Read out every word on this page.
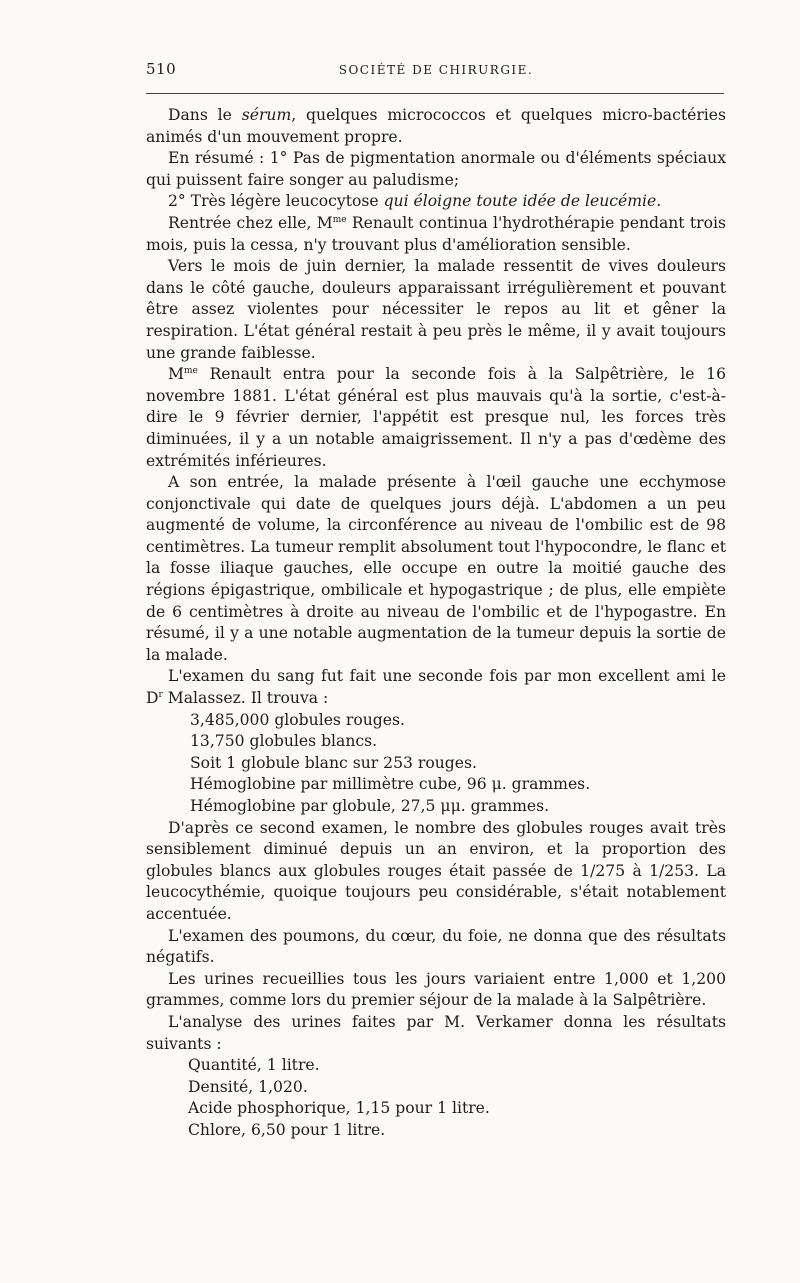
510	SOCIÉTÉ DE CHIRURGIE.

Dans le sérum, quelques micrococcos et quelques micro-bactéries animés d'un mouvement propre.

En résumé : 1° Pas de pigmentation anormale ou d'éléments spéciaux qui puissent faire songer au paludisme;

2° Très légère leucocytose qui éloigne toute idée de leucémie.

Rentrée chez elle, $M^{me}$ Renault continua l'hydrothérapie pendant trois mois, puis la cessa, n'y trouvant plus d'amélioration sensible.

Vers le mois de juin dernier, la malade ressentit de vives douleurs dans le côté gauche, douleurs apparaissant irrégulièrement et pouvant être assez violentes pour nécessiter le repos au lit et gêner la respiration. L'état général restait à peu près le même, il y avait toujours une grande faiblesse.

$M^{me}$ Renault entra pour la seconde fois à la Salpêtrière, le 16 novembre 1881. L'état général est plus mauvais qu'à la sortie, c'est-à-dire le 9 février dernier, l'appétit est presque nul, les forces très diminuées, il y a un notable amaigrissement. Il n'y a pas d'œdème des extrémités inférieures.

A son entrée, la malade présente à l'œil gauche une ecchymose conjonctivale qui date de quelques jours déjà. L'abdomen a un peu augmenté de volume, la circonférence au niveau de l'ombilic est de 98 centimètres. La tumeur remplit absolument tout l'hypocondre, le flanc et la fosse iliaque gauches, elle occupe en outre la moitié gauche des régions épigastrique, ombilicale et hypogastrique ; de plus, elle empiète de 6 centimètres à droite au niveau de l'ombilic et de l'hypogastre. En résumé, il y a une notable augmentation de la tumeur depuis la sortie de la malade.

L'examen du sang fut fait une seconde fois par mon excellent ami le $D^r$ Malassez. Il trouva :

3,485,000 globules rouges.
13,750 globules blancs.
Soit 1 globule blanc sur 253 rouges.
Hémoglobine par millimètre cube, 96 μ. grammes.
Hémoglobine par globule, 27,5 μμ. grammes.

D'après ce second examen, le nombre des globules rouges avait très sensiblement diminué depuis un an environ, et la proportion des globules blancs aux globules rouges était passée de 1/275 à 1/253. La leucocythémie, quoique toujours peu considérable, s'était notablement accentuée.

L'examen des poumons, du cœur, du foie, ne donna que des résultats négatifs.

Les urines recueillies tous les jours variaient entre 1,000 et 1,200 grammes, comme lors du premier séjour de la malade à la Salpêtrière.

L'analyse des urines faites par M. Verkamer donna les résultats suivants :

Quantité, 1 litre.
Densité, 1,020.
Acide phosphorique, 1,15 pour 1 litre.
Chlore, 6,50 pour 1 litre.
